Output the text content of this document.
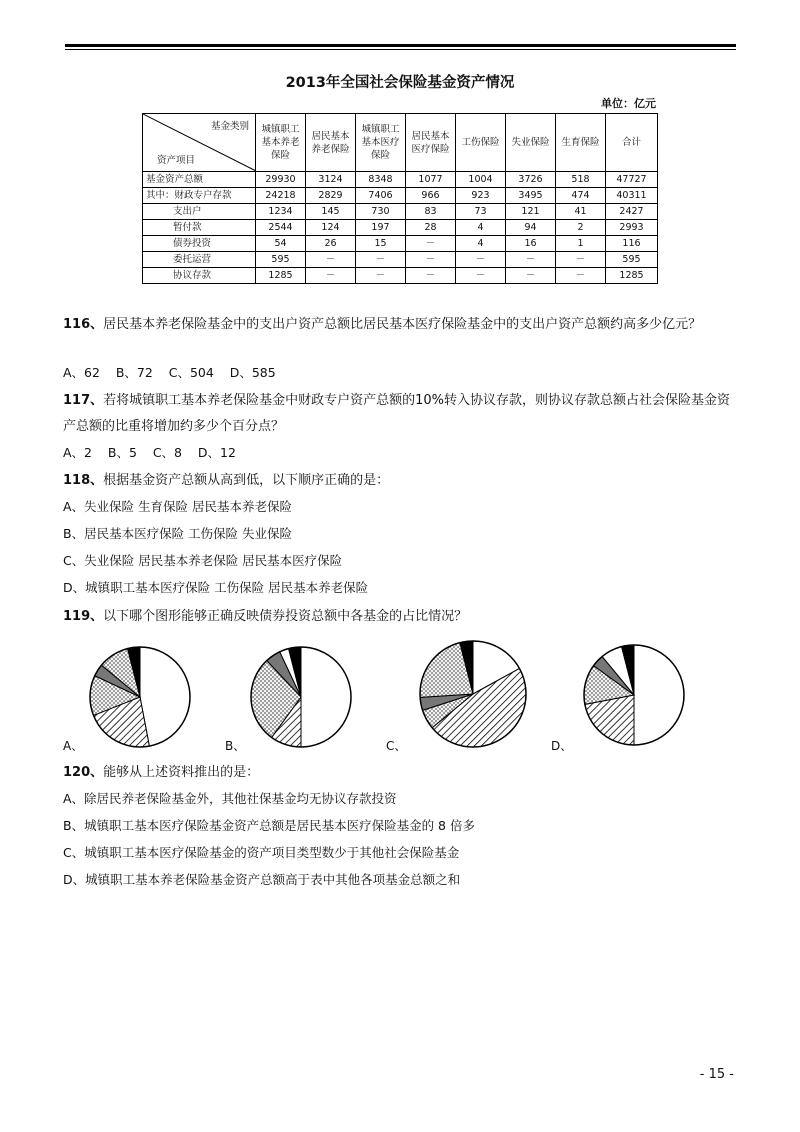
2013年全国社会保险基金资产情况
单位：亿元
基金类别
资产项目	城镇职工基本养老保险	居民基本养老保险	城镇职工基本医疗保险	居民基本医疗保险	工伤保险	失业保险	生育保险	合计
基金资产总额	29930	3124	8348	1077	1004	3726	518	47727
其中：财政专户存款	24218	2829	7406	966	923	3495	474	40311
支出户	1234	145	730	83	73	121	41	2427
暂付款	2544	124	197	28	4	94	2	2993
债券投资	54	26	15	－	4	16	1	116
委托运营	595	－	－	－	－	－	－	595
协议存款	1285	－	－	－	－	－	－	1285
116、居民基本养老保险基金中的支出户资产总额比居民基本医疗保险基金中的支出户资产总额约高多少亿元？
A、62    B、72    C、504    D、585
117、若将城镇职工基本养老保险基金中财政专户资产总额的10%转入协议存款，则协议存款总额占社会保险基金资产总额的比重将增加约多少个百分点？
A、2    B、5    C、8    D、12
118、根据基金资产总额从高到低，以下顺序正确的是：
A、失业保险 生育保险 居民基本养老保险
B、居民基本医疗保险 工伤保险 失业保险
C、失业保险 居民基本养老保险 居民基本医疗保险
D、城镇职工基本医疗保险 工伤保险 居民基本养老保险
119、以下哪个图形能够正确反映债券投资总额中各基金的占比情况？
A、	B、	C、	D、
120、能够从上述资料推出的是：
A、除居民养老保险基金外，其他社保基金均无协议存款投资
B、城镇职工基本医疗保险基金资产总额是居民基本医疗保险基金的 8 倍多
C、城镇职工基本医疗保险基金的资产项目类型数少于其他社会保险基金
D、城镇职工基本养老保险基金资产总额高于表中其他各项基金总额之和
- 15 -
